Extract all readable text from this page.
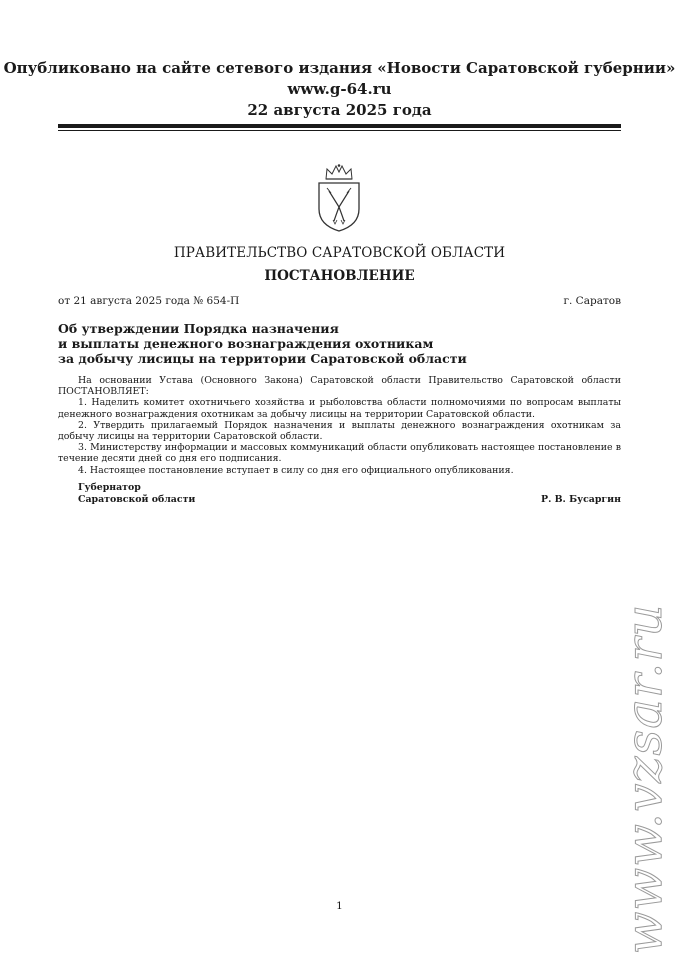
Опубликовано на сайте сетевого издания «Новости Саратовской губернии»
www.g-64.ru
22 августа 2025 года
ПРАВИТЕЛЬСТВО САРАТОВСКОЙ ОБЛАСТИ
ПОСТАНОВЛЕНИЕ
от 21 августа 2025 года № 654-П	г. Саратов
Об утверждении Порядка назначения
и выплаты денежного вознаграждения охотникам
за добычу лисицы на территории Саратовской области

На основании Устава (Основного Закона) Саратовской области Правительство Саратовской области ПОСТАНОВЛЯЕТ:

1. Наделить комитет охотничьего хозяйства и рыболовства области полномочиями по вопросам выплаты денежного вознаграждения охотникам за добычу лисицы на территории Саратовской области.

2. Утвердить прилагаемый Порядок назначения и выплаты денежного вознаграждения охотникам за добычу лисицы на территории Саратовской области.

3. Министерству информации и массовых коммуникаций области опубликовать настоящее постановление в течение десяти дней со дня его подписания.

4. Настоящее постановление вступает в силу со дня его официального опубликования.

Губернатор
Саратовской области	Р. В. Бусаргин
1	www.vzsar.ru
